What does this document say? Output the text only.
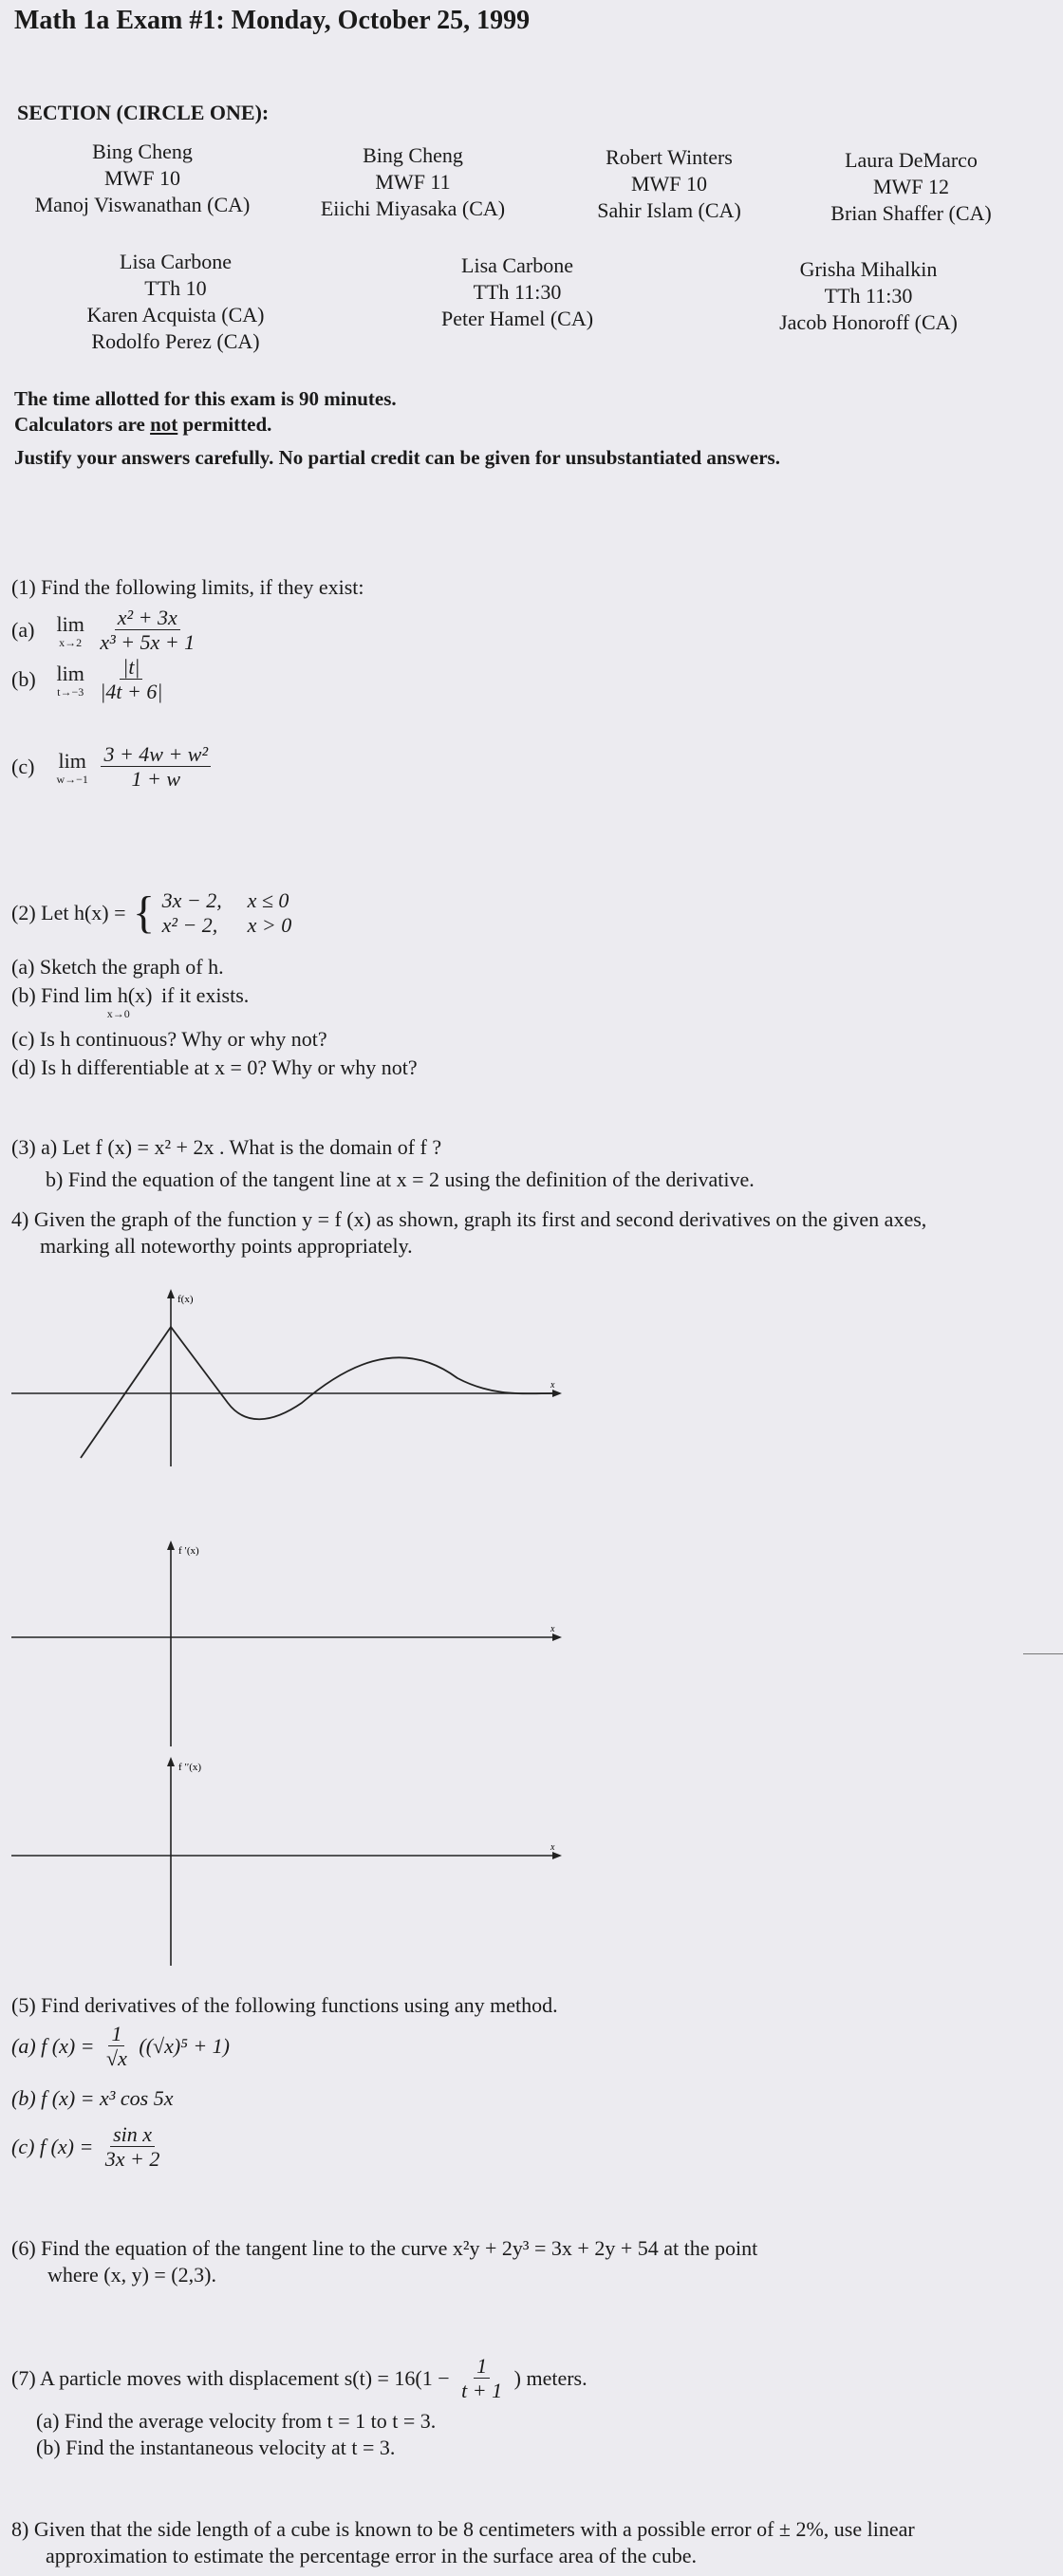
Math 1a Exam #1: Monday, October 25, 1999
SECTION (CIRCLE ONE):
Bing Cheng
MWF 10
Manoj Viswanathan (CA)
Bing Cheng
MWF 11
Eiichi Miyasaka (CA)
Robert Winters
MWF 10
Sahir Islam (CA)
Laura DeMarco
MWF 12
Brian Shaffer (CA)
Lisa Carbone
TTh 10
Karen Acquista (CA)
Rodolfo Perez (CA)
Lisa Carbone
TTh 11:30
Peter Hamel (CA)
Grisha Mihalkin
TTh 11:30
Jacob Honoroff (CA)
The time allotted for this exam is 90 minutes.
Calculators are not permitted.
Justify your answers carefully. No partial credit can be given for unsubstantiated answers.
(1) Find the following limits, if they exist:
(a) lim
x→2
$\frac{\text{x² + 3x}}{\text{x³ + 5x + 1}}$
(b) lim
t→−3
$\frac{|t|}{|4t + 6|}$
(c) lim
w→−1
$\frac{\text{3 + 4w + w²}}{1 + w}$
(2) Let h(x) = { 3x − 2, x ≤ 0
x² − 2, x > 0
(a) Sketch the graph of h.
(b) Find lim h(x)
x→0
if it exists.
(c) Is h continuous? Why or why not?
(d) Is h differentiable at x = 0? Why or why not?
(3) a) Let f (x) = x² + 2x . What is the domain of f ?
b) Find the equation of the tangent line at x = 2 using the definition of the derivative.
4) Given the graph of the function y = f (x) as shown, graph its first and second derivatives on the given axes,
marking all noteworthy points appropriately.
f(x)
x
f ′(x)
x
f ′′(x)
x
(5) Find derivatives of the following functions using any method.
(a) f $(x) = \frac{1}{√x} ((√x)^5 + 1)$
(b) f (x) = x³ cos 5x
(c) f $(x) = \frac{\text{sin x}}{3x + 2}$
(6) Find the equation of the tangent line to the curve x²y + 2y³ = 3x + 2y + 54 at the point
where (x, y) = (2,3).
(7) A particle moves with displacement $s(t) = 16(1 - \frac{1}{t + 1}$ ) meters.
(a) Find the average velocity from t = 1 to t = 3.
(b) Find the instantaneous velocity at t = 3.
8) Given that the side length of a cube is known to be 8 centimeters with a possible error of ± 2%, use linear
approximation to estimate the percentage error in the surface area of the cube.
